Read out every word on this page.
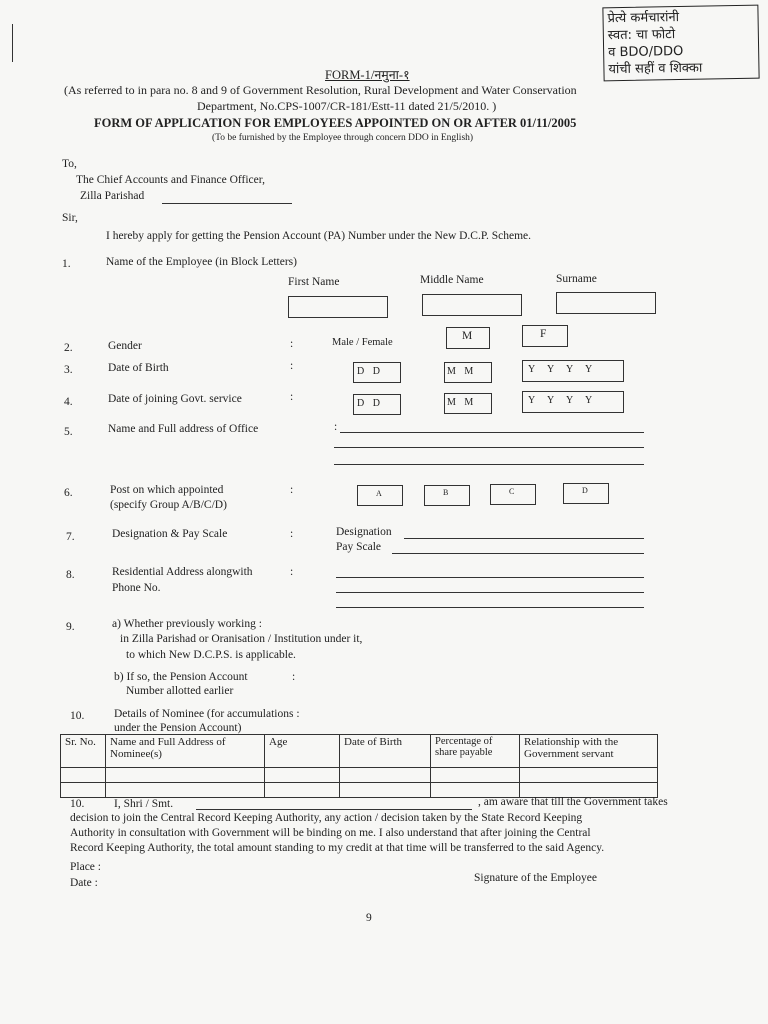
प्रेत्ये कर्मचारांनी
स्वत: चा फोटो
व BDO/DDO
यांची सहीं व शिक्का
FORM-1/नमुना-१
(As referred to in para no. 8 and 9 of Government Resolution, Rural Development and Water Conservation
Department, No.CPS-1007/CR-181/Estt-11 dated 21/5/2010. )
FORM OF APPLICATION FOR EMPLOYEES APPOINTED ON OR AFTER 01/11/2005
(To be furnished by the Employee through concern DDO in English)
To,
The Chief Accounts and Finance Officer,
Zilla Parishad
Sir,
I hereby apply for getting the Pension Account (PA) Number under the New D.C.P. Scheme.
1.	Name of the Employee (in Block Letters)
First Name	Middle Name	Surname
2.	Gender	:	Male / Female
M	F
3.	Date of Birth	:	D D	M M	Y Y Y Y
4.	Date of joining Govt. service	:
D D	M M	Y Y Y Y
5.	Name and Full address of Office	:
6.	Post on which appointed
(specify Group A/B/C/D)
:	A	B	C	D
7.	Designation & Pay Scale	:	Designation
Pay Scale
8.	Residential Address alongwith
Phone No.
:
9.	a) Whether previously working :
in Zilla Parishad or Oranisation / Institution under it,
to which New D.C.P.S. is applicable.
b) If so, the Pension Account	:
Number allotted earlier
10.	Details of Nominee (for accumulations :
under the Pension Account)
Sr. No.	Name and Full Address of Nominee(s)	Age	Date of Birth	Percentage of share payable	Relationship with the Government servant

10.	I, Shri / Smt.	, am aware that till the Government takes
decision to join the Central Record Keeping Authority, any action / decision taken by the State Record Keeping
Authority in consultation with Government will be binding on me. I also understand that after joining the Central
Record Keeping Authority, the total amount standing to my credit at that time will be transferred to the said Agency.
Place :
Date :	Signature of the Employee
9
